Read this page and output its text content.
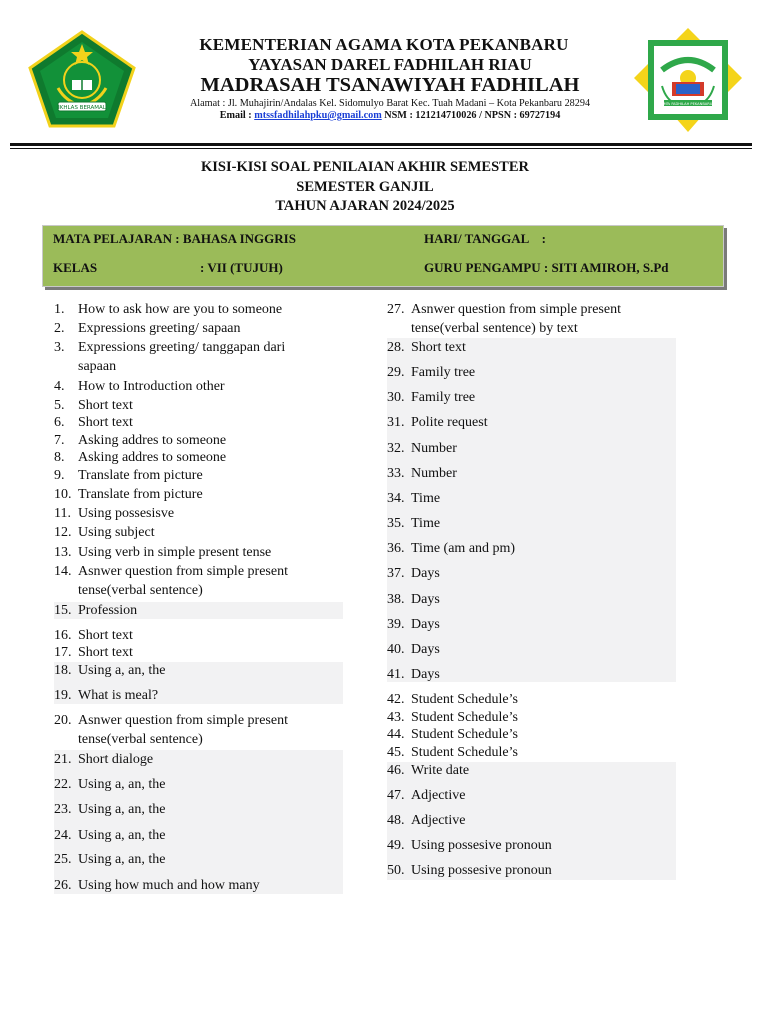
IKHLAS BERAMAL
KEMENTERIAN AGAMA KOTA PEKANBARU
YAYASAN DAREL FADHILAH RIAU
MADRASAH TSANAWIYAH FADHILAH
Alamat : Jl. Muhajirin/Andalas Kel. Sidomulyo Barat Kec. Tuah Madani – Kota Pekanbaru 28294
Email : mtssfadhilahpku@gmail.com NSM : 121214710026 / NPSN : 69727194
MTs FADHILAH PEKANBARU
KISI-KISI SOAL PENILAIAN AKHIR SEMESTER
SEMESTER GANJIL
TAHUN AJARAN 2024/2025
MATA PELAJARAN : BAHASA INGGRIS
KELAS	: VII (TUJUH)
HARI/ TANGGAL    :
GURU PENGAMPU : SITI AMIROH, S.Pd
1. How to ask how are you to someone
2. Expressions greeting/ sapaan
3. Expressions greeting/ tanggapan dari
sapaan
4. How to Introduction other
5. Short text
6. Short text
7. Asking addres to someone
8. Asking addres to someone
9. Translate from picture
10. Translate from picture
11. Using possesisve
12. Using subject
13. Using verb in simple present tense
14. Asnwer question from simple present
tense(verbal sentence)
15. Profession
16. Short text
17. Short text
18. Using a, an, the
19. What is meal?
20. Asnwer question from simple present
tense(verbal sentence)
21. Short dialoge
22. Using a, an, the
23. Using a, an, the
24. Using a, an, the
25. Using a, an, the
26. Using how much and how many
27. Asnwer question from simple present
tense(verbal sentence) by text
28. Short text
29. Family tree
30. Family tree
31. Polite request
32. Number
33. Number
34. Time
35. Time
36. Time (am and pm)
37. Days
38. Days
39. Days
40. Days
41. Days
42. Student Schedule’s
43. Student Schedule’s
44. Student Schedule’s
45. Student Schedule’s
46. Write date
47. Adjective
48. Adjective
49. Using possesive pronoun
50. Using possesive pronoun
